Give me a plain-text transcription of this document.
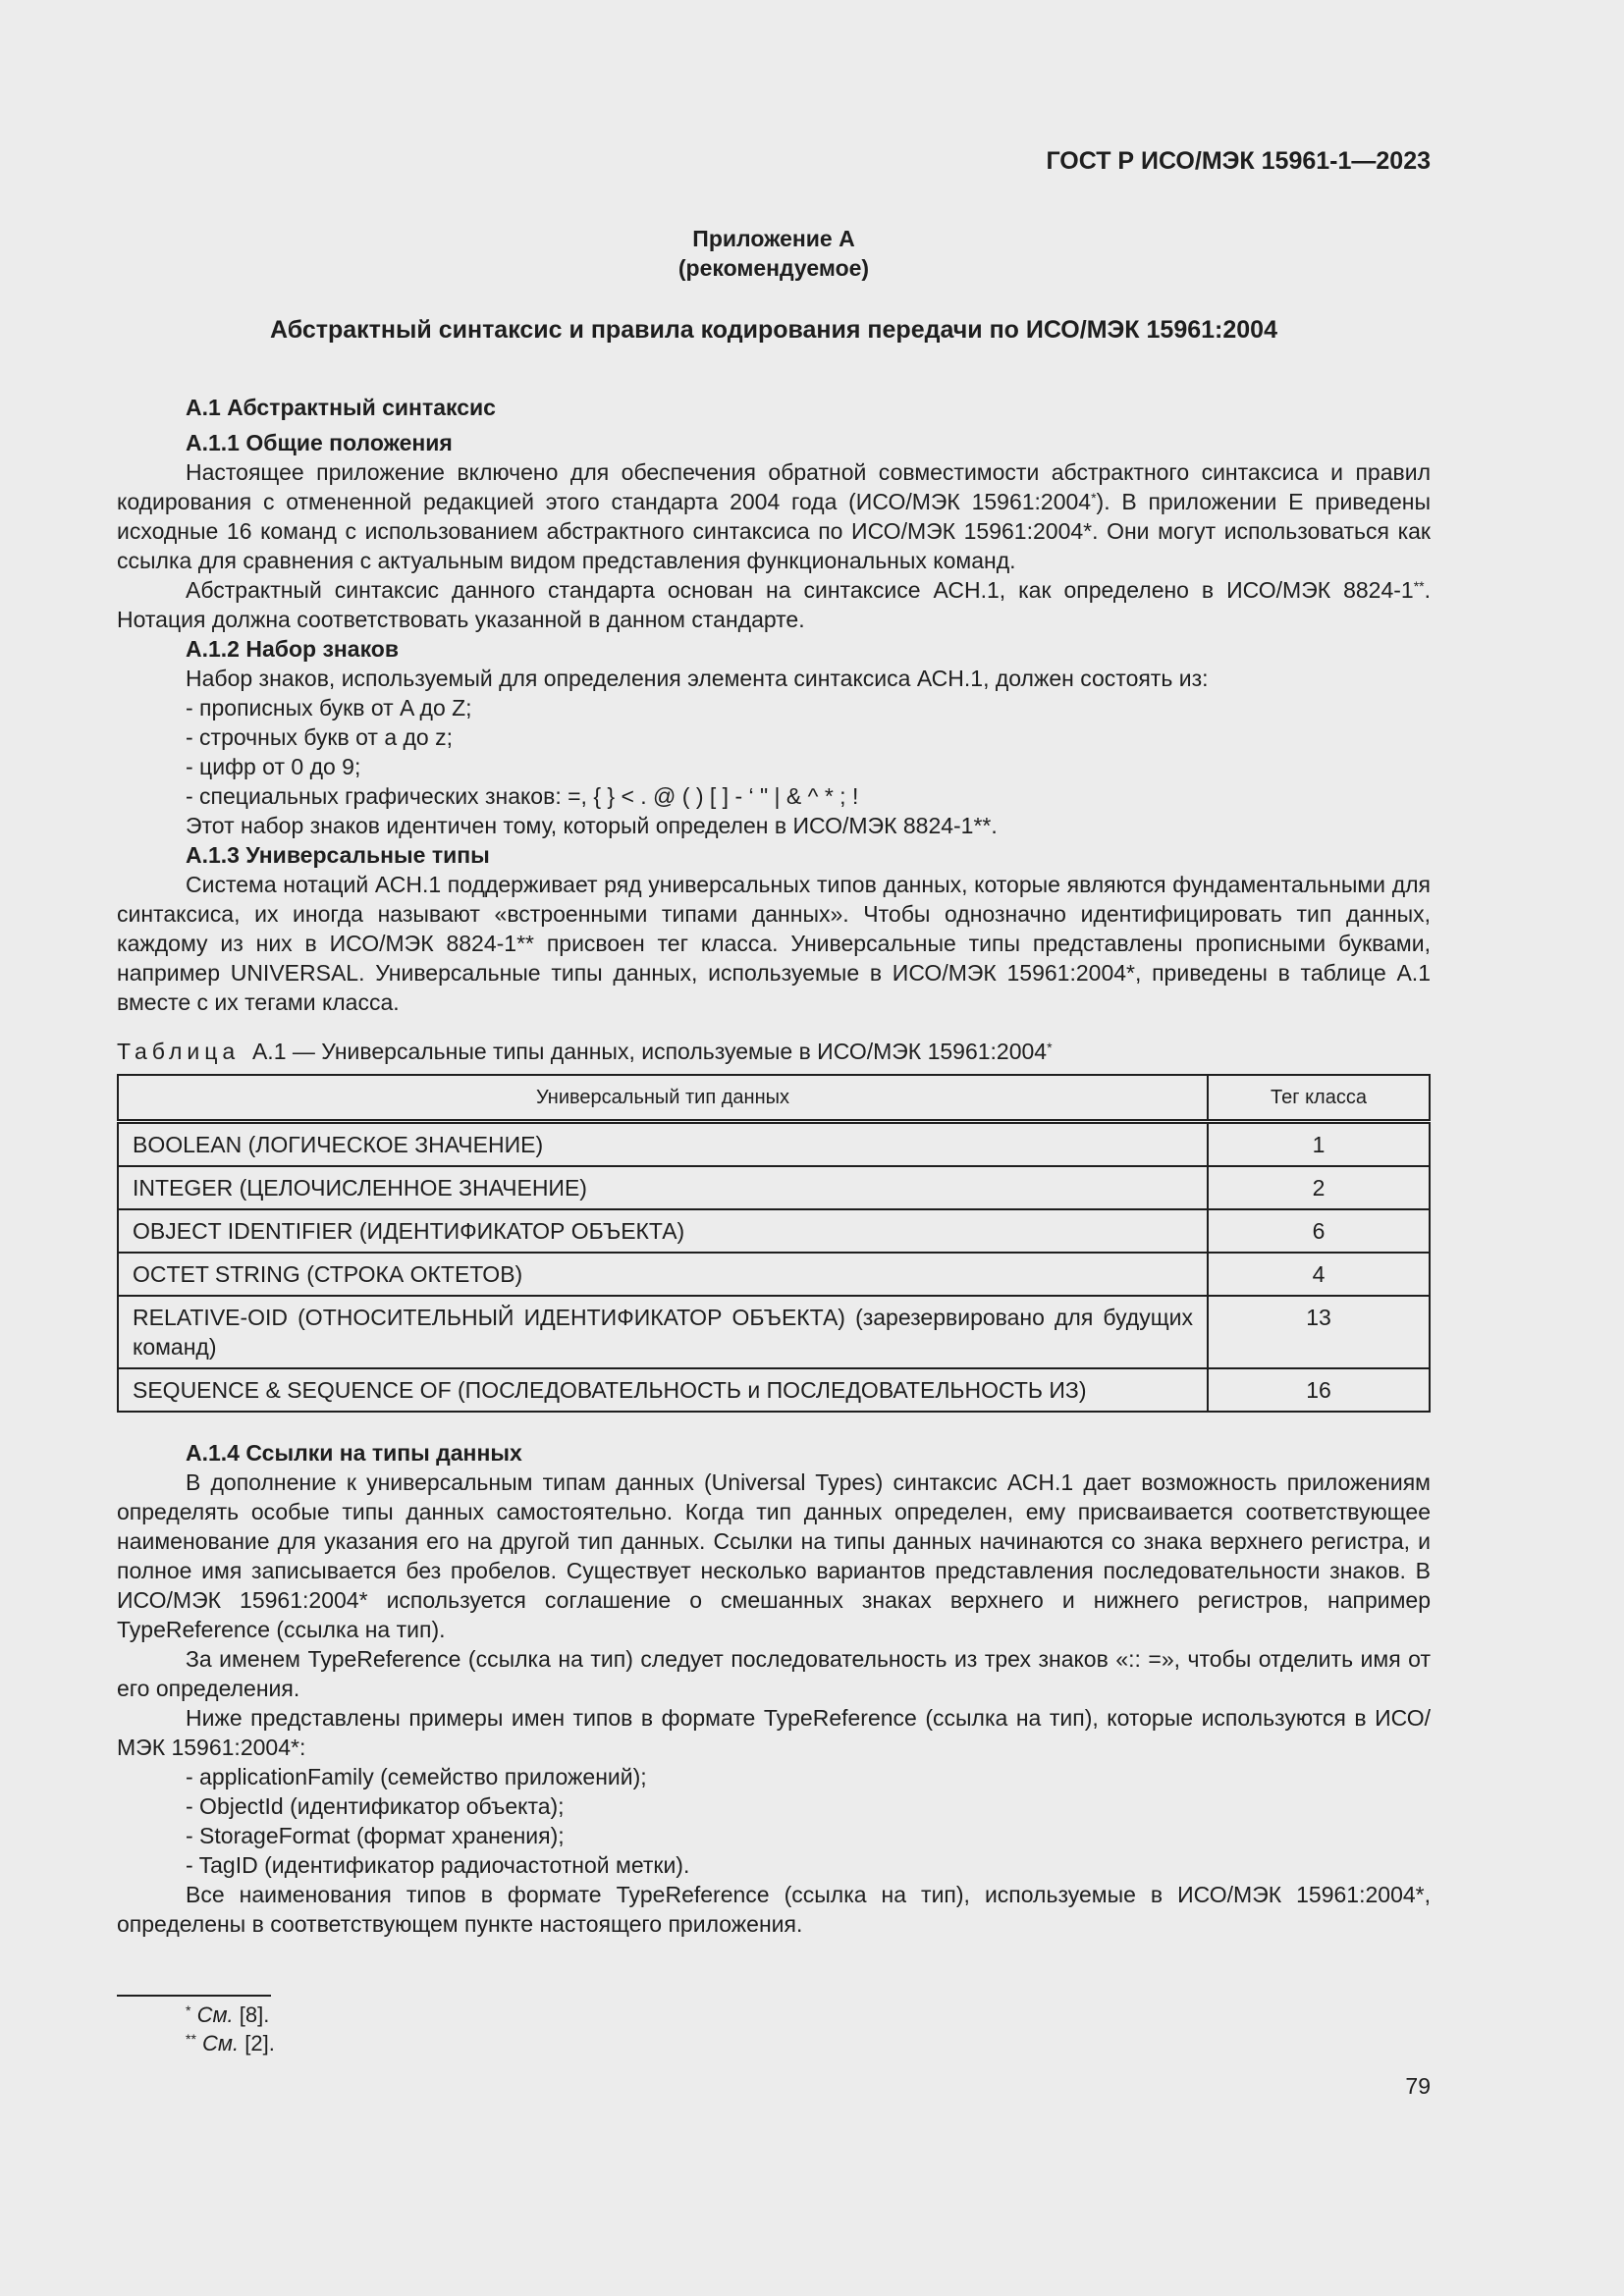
ГОСТ Р ИСО/МЭК 15961-1—2023
Приложение А
(рекомендуемое)
Абстрактный синтаксис и правила кодирования передачи по ИСО/МЭК 15961:2004
А.1 Абстрактный синтаксис
А.1.1 Общие положения

Настоящее приложение включено для обеспечения обратной совместимости абстрактного синтаксиса и правил кодирования с отмененной редакцией этого стандарта 2004 года (ИСО/МЭК 15961:2004*). В приложении Е приведены исходные 16 команд с использованием абстрактного синтаксиса по ИСО/МЭК 15961:2004*. Они могут использоваться как ссылка для сравнения с актуальным видом представления функциональных команд.

Абстрактный синтаксис данного стандарта основан на синтаксисе АСН.1, как определено в ИСО/МЭК 8824-1**. Нотация должна соответствовать указанной в данном стандарте.

А.1.2 Набор знаков
Набор знаков, используемый для определения элемента синтаксиса АСН.1, должен состоять из:
- прописных букв от A до Z;
- строчных букв от a до z;
- цифр от 0 до 9;
- специальных графических знаков: =, { } < . @ ( ) [ ] - ‘ " | & ^ * ; !
Этот набор знаков идентичен тому, который определен в ИСО/МЭК 8824-1**.
А.1.3 Универсальные типы

Система нотаций АСН.1 поддерживает ряд универсальных типов данных, которые являются фундаментальными для синтаксиса, их иногда называют «встроенными типами данных». Чтобы однозначно идентифицировать тип данных, каждому из них в ИСО/МЭК 8824-1** присвоен тег класса. Универсальные типы представлены прописными буквами, например UNIVERSAL. Универсальные типы данных, используемые в ИСО/МЭК 15961:2004*, приведены в таблице А.1 вместе с их тегами класса.

Таблица А.1 — Универсальные типы данных, используемые в ИСО/МЭК 15961:2004*
Универсальный тип данных	Тег класса
BOOLEAN (ЛОГИЧЕСКОЕ ЗНАЧЕНИЕ)	1
INTEGER (ЦЕЛОЧИСЛЕННОЕ ЗНАЧЕНИЕ)	2
OBJECT IDENTIFIER (ИДЕНТИФИКАТОР ОБЪЕКТА)	6
OCTET STRING (СТРОКА ОКТЕТОВ)	4
RELATIVE-OID (ОТНОСИТЕЛЬНЫЙ ИДЕНТИФИКАТОР ОБЪЕКТА) (зарезервировано для будущих команд)	13
SEQUENCE & SEQUENCE OF (ПОСЛЕДОВАТЕЛЬНОСТЬ и ПОСЛЕДОВАТЕЛЬНОСТЬ ИЗ)	16
А.1.4 Ссылки на типы данных

В дополнение к универсальным типам данных (Universal Types) синтаксис АСН.1 дает возможность приложениям определять особые типы данных самостоятельно. Когда тип данных определен, ему присваивается соответствующее наименование для указания его на другой тип данных. Ссылки на типы данных начинаются со знака верхнего регистра, и полное имя записывается без пробелов. Существует несколько вариантов представления последовательности знаков. В ИСО/МЭК 15961:2004* используется соглашение о смешанных знаках верхнего и нижнего регистров, например TypeReference (ссылка на тип).

За именем TypeReference (ссылка на тип) следует последовательность из трех знаков «:: =», чтобы отделить имя от его определения.

Ниже представлены примеры имен типов в формате TypeReference (ссылка на тип), которые используются в ИСО/МЭК 15961:2004*:

- applicationFamily (семейство приложений);
- ObjectId (идентификатор объекта);
- StorageFormat (формат хранения);
- TagID (идентификатор радиочастотной метки).

Все наименования типов в формате TypeReference (ссылка на тип), используемые в ИСО/МЭК 15961:2004*, определены в соответствующем пункте настоящего приложения.

* См. [8].
** См. [2].
79
